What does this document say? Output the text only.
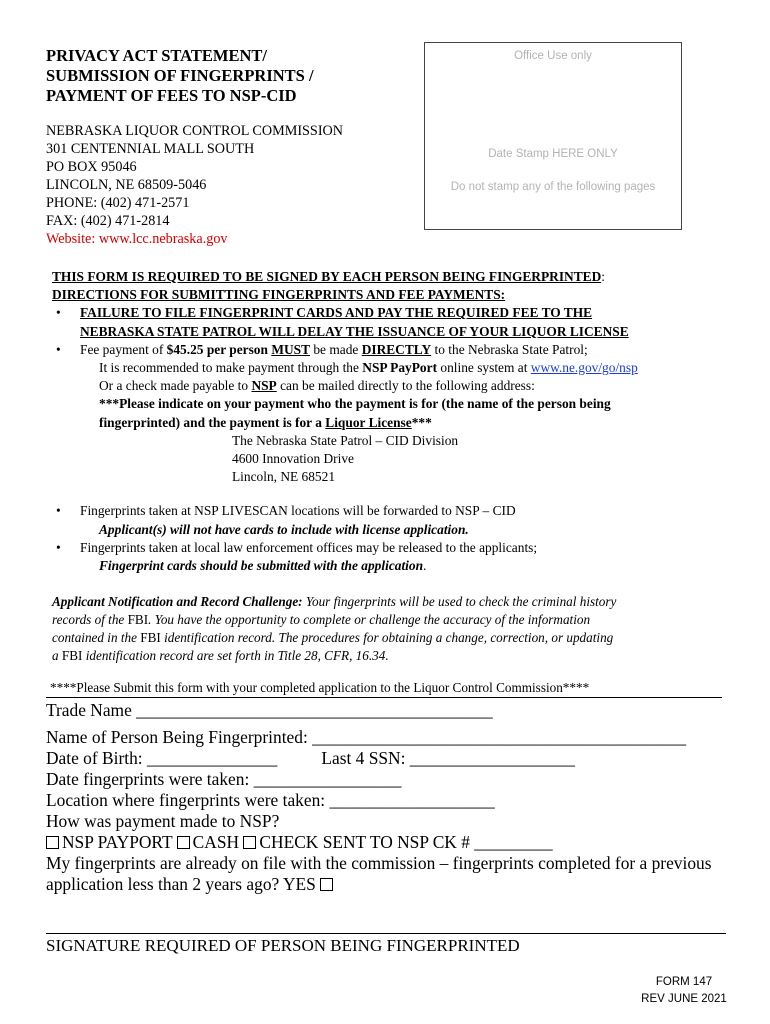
PRIVACY ACT STATEMENT/
SUBMISSION OF FINGERPRINTS /
PAYMENT OF FEES TO NSP-CID
NEBRASKA LIQUOR CONTROL COMMISSION
301 CENTENNIAL MALL SOUTH
PO BOX 95046
LINCOLN, NE 68509-5046
PHONE: (402) 471-2571
FAX: (402) 471-2814
Website: www.lcc.nebraska.gov
Office Use only
Date Stamp HERE ONLY
Do not stamp any of the following pages
THIS FORM IS REQUIRED TO BE SIGNED BY EACH PERSON BEING FINGERPRINTED:
DIRECTIONS FOR SUBMITTING FINGERPRINTS AND FEE PAYMENTS:
• FAILURE TO FILE FINGERPRINT CARDS AND PAY THE REQUIRED FEE TO THE
NEBRASKA STATE PATROL WILL DELAY THE ISSUANCE OF YOUR LIQUOR LICENSE
• Fee payment of $45.25 per person MUST be made DIRECTLY to the Nebraska State Patrol;
It is recommended to make payment through the NSP PayPort online system at www.ne.gov/go/nsp
Or a check made payable to NSP can be mailed directly to the following address:
***Please indicate on your payment who the payment is for (the name of the person being
fingerprinted) and the payment is for a Liquor License***
The Nebraska State Patrol – CID Division
4600 Innovation Drive
Lincoln, NE 68521
• Fingerprints taken at NSP LIVESCAN locations will be forwarded to NSP – CID
Applicant(s) will not have cards to include with license application.
• Fingerprints taken at local law enforcement offices may be released to the applicants;
Fingerprint cards should be submitted with the application.
Applicant Notification and Record Challenge: Your fingerprints will be used to check the criminal history
records of the FBI. You have the opportunity to complete or challenge the accuracy of the information
contained in the FBI identification record. The procedures for obtaining a change, correction, or updating
a FBI identification record are set forth in Title 28, CFR, 16.34.
****Please Submit this form with your completed application to the Liquor Control Commission****
Trade Name _________________________________________
Name of Person Being Fingerprinted: ___________________________________________
Date of Birth: _______________	Last 4 SSN: ___________________
Date fingerprints were taken: _________________
Location where fingerprints were taken: ___________________
How was payment made to NSP?
NSP PAYPORT CASH CHECK SENT TO NSP CK # _________
My fingerprints are already on file with the commission – fingerprints completed for a previous
application less than 2 years ago? YES
SIGNATURE REQUIRED OF PERSON BEING FINGERPRINTED
FORM 147
REV JUNE 2021
